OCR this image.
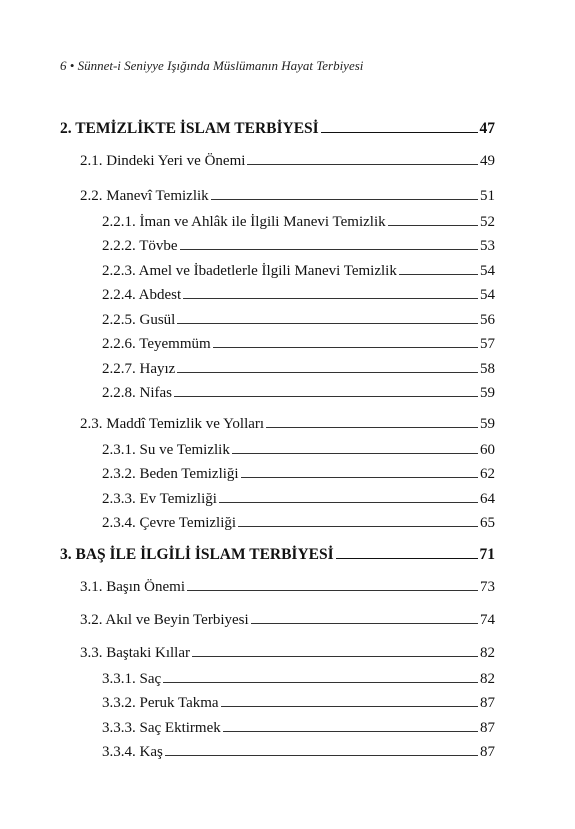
6 • Sünnet-i Seniyye Işığında Müslümanın Hayat Terbiyesi
2. TEMİZLİKTE İSLAM TERBİYESİ	47
2.1. Dindeki Yeri ve Önemi	49
2.2. Manevî Temizlik	51
2.2.1. İman ve Ahlâk ile İlgili Manevi Temizlik	52
2.2.2. Tövbe	53
2.2.3. Amel ve İbadetlerle İlgili Manevi Temizlik	54
2.2.4. Abdest	54
2.2.5. Gusül	56
2.2.6. Teyemmüm	57
2.2.7. Hayız	58
2.2.8. Nifas	59
2.3. Maddî Temizlik ve Yolları	59
2.3.1. Su ve Temizlik	60
2.3.2. Beden Temizliği	62
2.3.3. Ev Temizliği	64
2.3.4. Çevre Temizliği	65
3. BAŞ İLE İLGİLİ İSLAM TERBİYESİ	71
3.1. Başın Önemi	73
3.2. Akıl ve Beyin Terbiyesi	74
3.3. Baştaki Kıllar	82
3.3.1. Saç	82
3.3.2. Peruk Takma	87
3.3.3. Saç Ektirmek	87
3.3.4. Kaş	87
